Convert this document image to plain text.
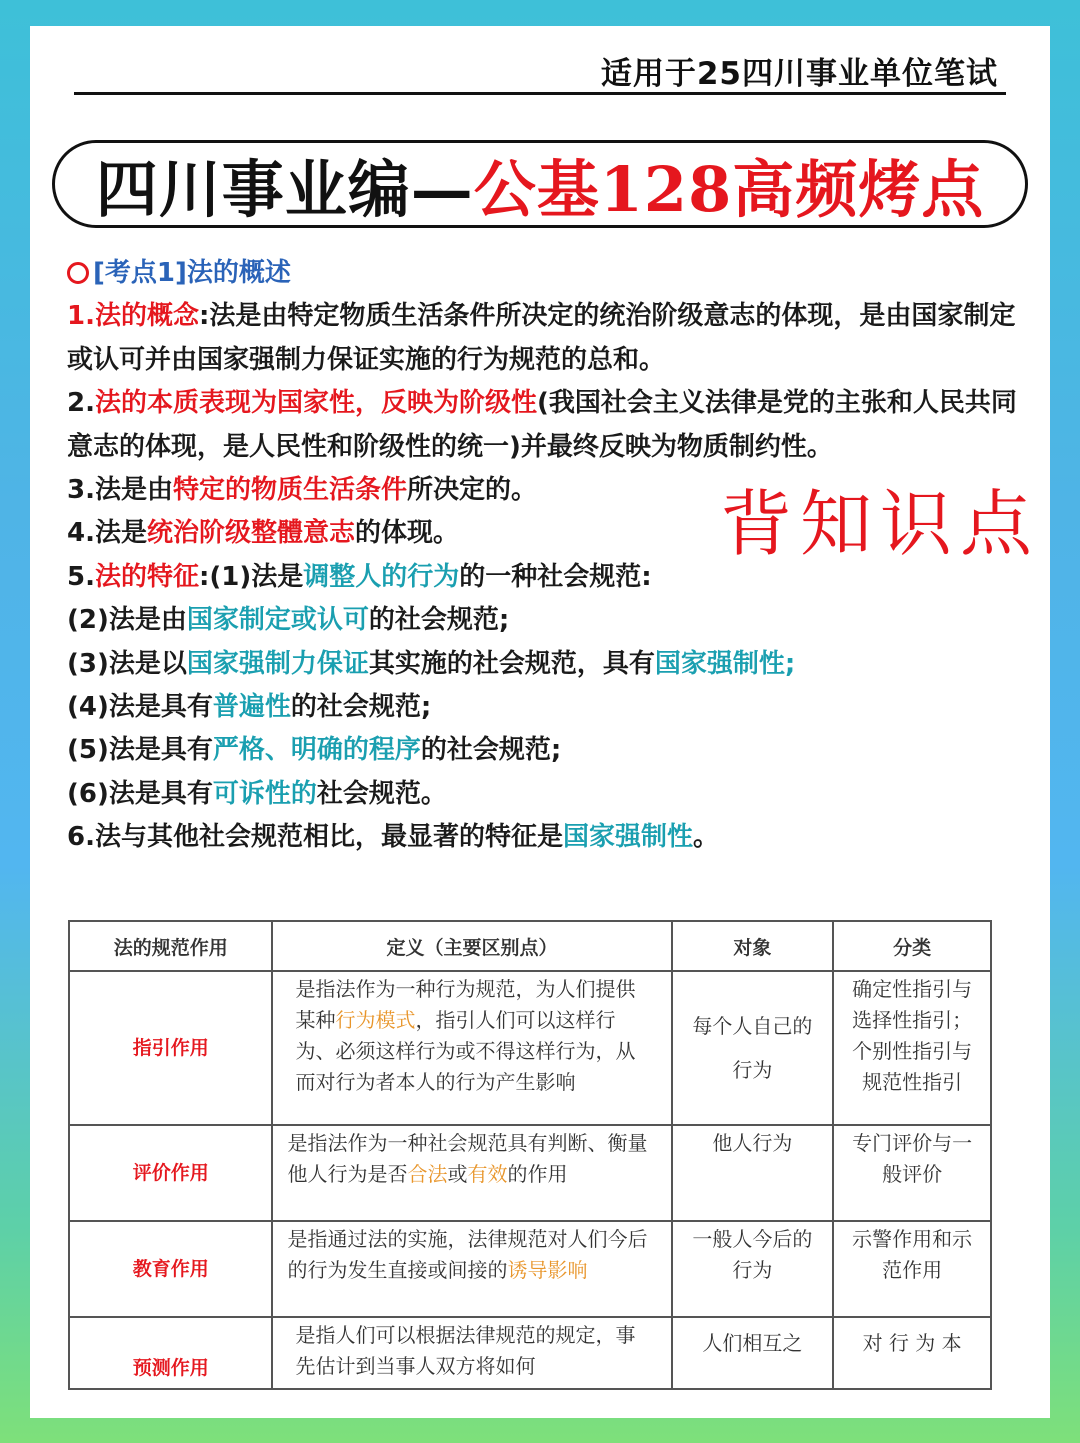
适用于25四川事业单位笔试
四川事业编— 公基128高频烤点

[考点1]法的概述

1.法的概念:法是由特定物质生活条件所决定的统治阶级意志的体现，是由国家制定或认可并由国家强制力保证实施的行为规范的总和。

2.法的本质表现为国家性，反映为阶级性(我国社会主义法律是党的主张和人民共同意志的体现，是人民性和阶级性的统一)并最终反映为物质制约性。

3.法是由特定的物质生活条件所决定的。

4.法是统治阶级整體意志的体现。

5.法的特征:(1)法是调整人的行为的一种社会规范:

(2)法是由国家制定或认可的社会规范;

(3)法是以国家强制力保证其实施的社会规范，具有国家强制性;

(4)法是具有普遍性的社会规范;

(5)法是具有严格、明确的程序的社会规范;

(6)法是具有可诉性的社会规范。

6.法与其他社会规范相比，最显著的特征是国家强制性。

背知识点
法的规范作用	定义（主要区别点）	对象	分类
指引作用	是指法作为一种行为规范，为人们提供某种行为模式，指引人们可以这样行为、必须这样行为或不得这样行为，从而对行为者本人的行为产生影响	每个人自己的行为	确定性指引与选择性指引；个别性指引与规范性指引
评价作用	是指法作为一种社会规范具有判断、衡量他人行为是否合法或有效的作用	他人行为	专门评价与一般评价
教育作用	是指通过法的实施，法律规范对人们今后的行为发生直接或间接的诱导影响	一般人今后的行为	示警作用和示范作用
预测作用	是指人们可以根据法律规范的规定，事先估计到当事人双方将如何	人们相互之	对 行 为 本
